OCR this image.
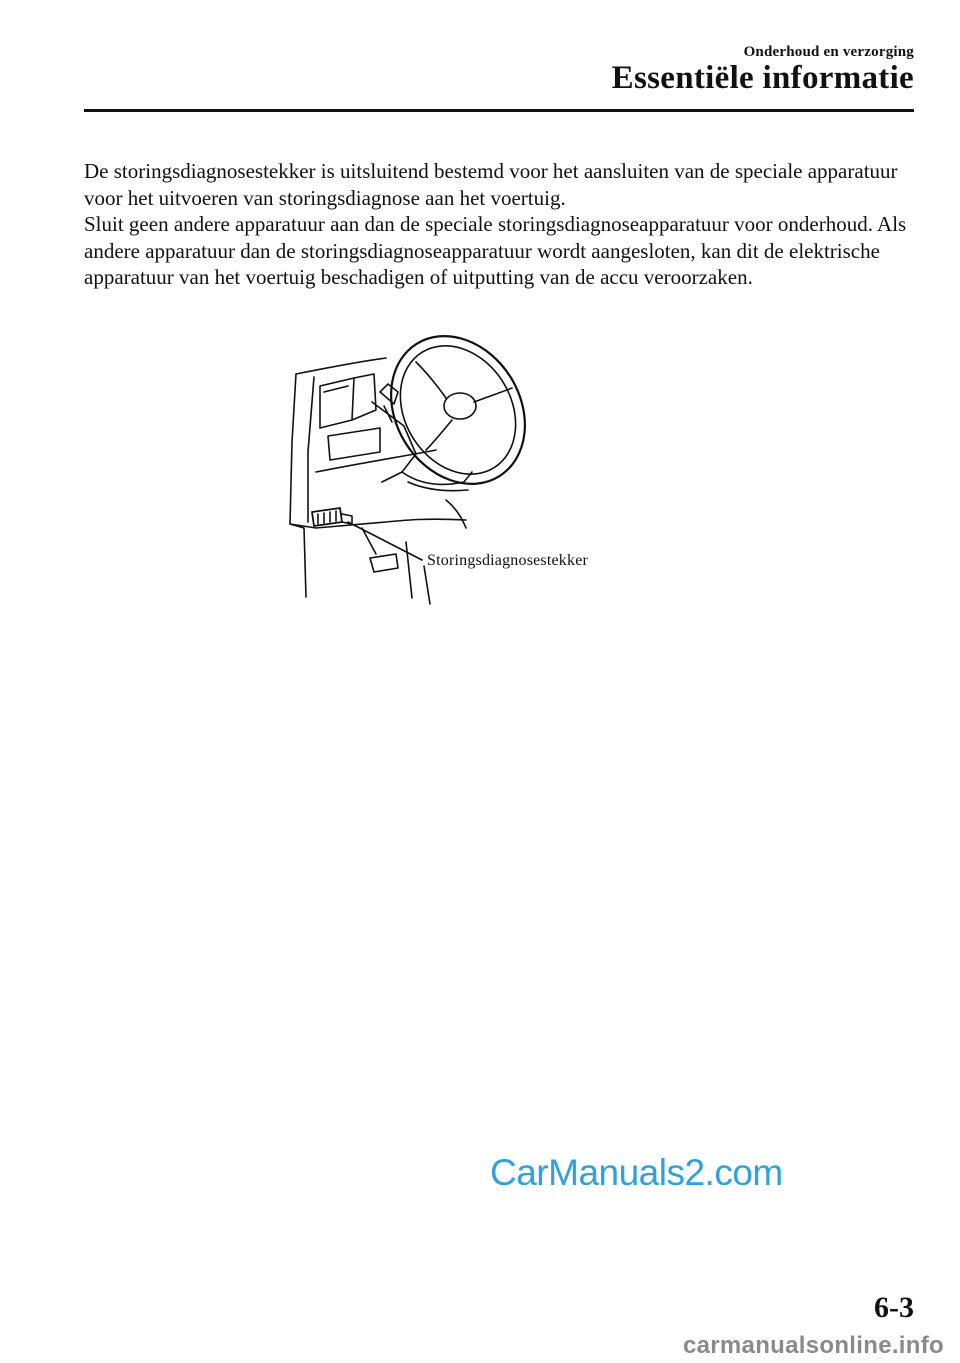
Onderhoud en verzorging
Essentiële informatie

De storingsdiagnosestekker is uitsluitend bestemd voor het aansluiten van de speciale apparatuur voor het uitvoeren van storingsdiagnose aan het voertuig.

Sluit geen andere apparatuur aan dan de speciale storingsdiagnoseapparatuur voor onderhoud. Als andere apparatuur dan de storingsdiagnoseapparatuur wordt aangesloten, kan dit de elektrische apparatuur van het voertuig beschadigen of uitputting van de accu veroorzaken.

Storingsdiagnosestekker
CarManuals2.com
6-3
carmanualsonline.info
